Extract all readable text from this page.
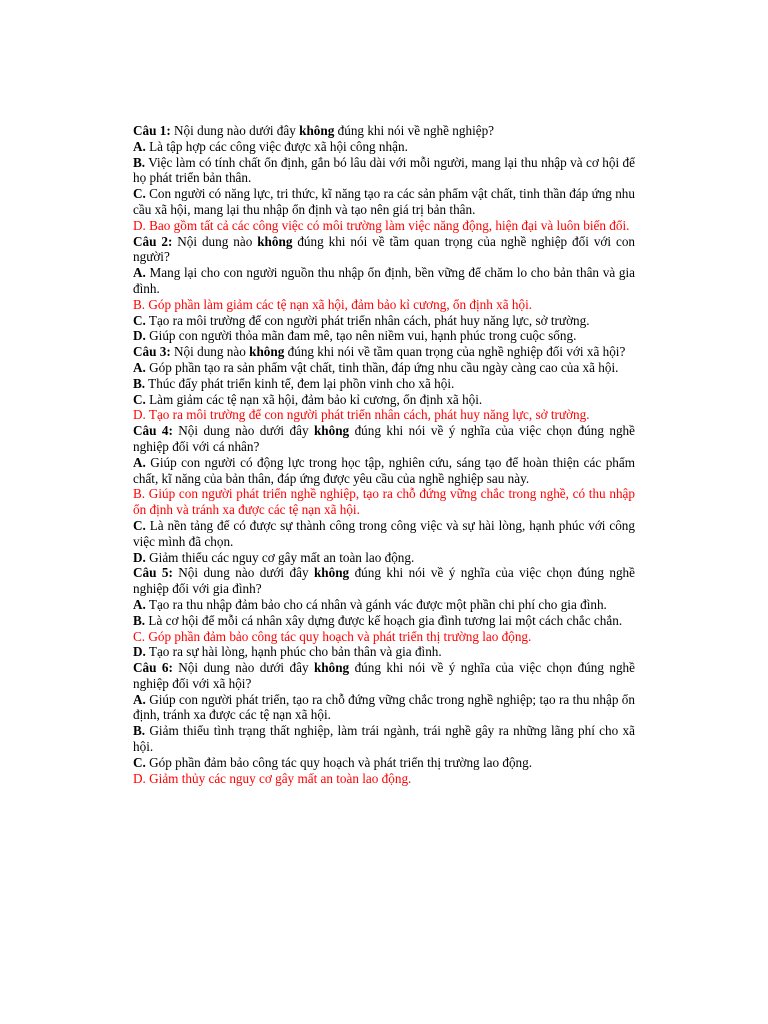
Câu 1: Nội dung nào dưới đây không đúng khi nói về nghề nghiệp?

A. Là tập hợp các công việc được xã hội công nhận.

B. Việc làm có tính chất ổn định, gắn bó lâu dài với mỗi người, mang lại thu nhập và cơ hội để họ phát triển bản thân.

C. Con người có năng lực, tri thức, kĩ năng tạo ra các sản phẩm vật chất, tinh thần đáp ứng nhu cầu xã hội, mang lại thu nhập ổn định và tạo nên giá trị bản thân.

D. Bao gồm tất cả các công việc có môi trường làm việc năng động, hiện đại và luôn biến đổi.

Câu 2: Nội dung nào không đúng khi nói về tầm quan trọng của nghề nghiệp đối với con người?

A. Mang lại cho con người nguồn thu nhập ổn định, bền vững để chăm lo cho bản thân và gia đình.

B. Góp phần làm giảm các tệ nạn xã hội, đảm bảo kỉ cương, ổn định xã hội.

C. Tạo ra môi trường để con người phát triển nhân cách, phát huy năng lực, sở trường.

D. Giúp con người thỏa mãn đam mê, tạo nên niềm vui, hạnh phúc trong cuộc sống.

Câu 3: Nội dung nào không đúng khi nói về tầm quan trọng của nghề nghiệp đối với xã hội?

A. Góp phần tạo ra sản phẩm vật chất, tinh thần, đáp ứng nhu cầu ngày càng cao của xã hội.

B. Thúc đẩy phát triển kinh tế, đem lại phồn vinh cho xã hội.

C. Làm giảm các tệ nạn xã hội, đảm bảo kỉ cương, ổn định xã hội.

D. Tạo ra môi trường để con người phát triển nhân cách, phát huy năng lực, sở trường.

Câu 4: Nội dung nào dưới đây không đúng khi nói về ý nghĩa của việc chọn đúng nghề nghiệp đối với cá nhân?

A. Giúp con người có động lực trong học tập, nghiên cứu, sáng tạo để hoàn thiện các phẩm chất, kĩ năng của bản thân, đáp ứng được yêu cầu của nghề nghiệp sau này.

B. Giúp con người phát triển nghề nghiệp, tạo ra chỗ đứng vững chắc trong nghề, có thu nhập ổn định và tránh xa được các tệ nạn xã hội.

C. Là nền tảng để có được sự thành công trong công việc và sự hài lòng, hạnh phúc với công việc mình đã chọn.

D. Giảm thiểu các nguy cơ gây mất an toàn lao động.

Câu 5: Nội dung nào dưới đây không đúng khi nói về ý nghĩa của việc chọn đúng nghề nghiệp đối với gia đình?

A. Tạo ra thu nhập đảm bảo cho cá nhân và gánh vác được một phần chi phí cho gia đình.

B. Là cơ hội để mỗi cá nhân xây dựng được kế hoạch gia đình tương lai một cách chắc chắn.

C. Góp phần đảm bảo công tác quy hoạch và phát triển thị trường lao động.

D. Tạo ra sự hài lòng, hạnh phúc cho bản thân và gia đình.

Câu 6: Nội dung nào dưới đây không đúng khi nói về ý nghĩa của việc chọn đúng nghề nghiệp đối với xã hội?

A. Giúp con người phát triển, tạo ra chỗ đứng vững chắc trong nghề nghiệp; tạo ra thu nhập ổn định, tránh xa được các tệ nạn xã hội.

B. Giảm thiểu tình trạng thất nghiệp, làm trái ngành, trái nghề gây ra những lãng phí cho xã hội.

C. Góp phần đảm bảo công tác quy hoạch và phát triển thị trường lao động.

D. Giảm thủy các nguy cơ gây mất an toàn lao động.
